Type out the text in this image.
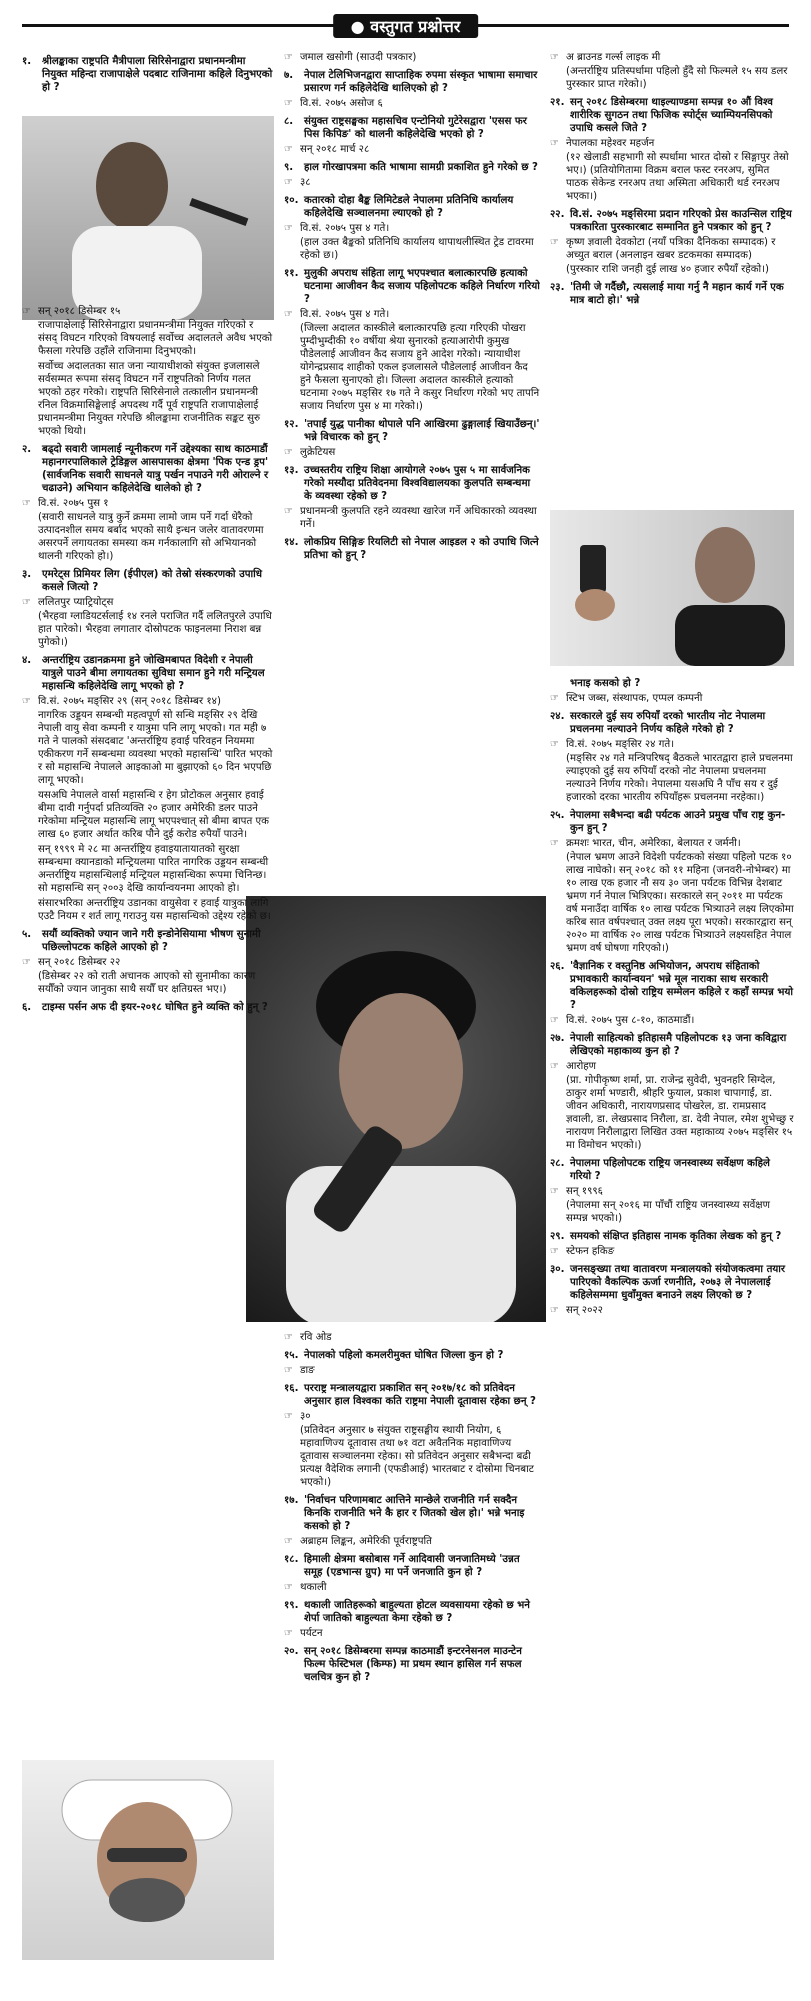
● वस्तुगत प्रश्नोत्तर
१.	श्रीलङ्काका राष्ट्रपति मैत्रीपाला सिरिसेनाद्वारा प्रधानमन्त्रीमा नियुक्त महिन्दा राजापाक्षेले पदबाट राजिनामा कहिले दिनुभएको हो ?
☞ सन् २०१८ डिसेम्बर १५
राजापाक्षेलाई सिरिसेनाद्वारा प्रधानमन्त्रीमा नियुक्त गरिएको र संसद् विघटन गरिएको विषयलाई सर्वोच्च अदालतले अवैध भएको फैसला गरेपछि उहाँले राजिनामा दिनुभएको।
सर्वोच्च अदालतका सात जना न्यायाधीशको संयुक्त इजलासले सर्वसम्मत रूपमा संसद् विघटन गर्ने राष्ट्रपतिको निर्णय गलत भएको ठहर गरेको। राष्ट्रपति सिरिसेनाले तत्कालीन प्रधानमन्त्री रनिल विक्रमासिङ्घेलाई अपदस्थ गर्दै पूर्व राष्ट्रपति राजापाक्षेलाई प्रधानमन्त्रीमा नियुक्त गरेपछि श्रीलङ्कामा राजनीतिक सङ्कट सुरु भएको थियो।
२.	बढ्दो सवारी जामलाई न्यूनीकरण गर्ने उद्देश्यका साथ काठमाडौं महानगरपालिकाले ट्रेडिङ्गल आसपासका क्षेत्रमा 'पिक एन्ड ड्रप' (सार्वजनिक सवारी साधनले यात्रु पर्खन नपाउने गरी ओराल्ने र चढाउने) अभियान कहिलेदेखि थालेको हो ?
☞ वि.सं. २०७५ पुस १
(सवारी साधनले यात्रु कुर्ने क्रममा लामो जाम पर्ने गर्दा धेरैको उत्पादनशील समय बर्बाद भएको साथै इन्धन जलेर वातावरणमा असरपर्ने लगायतका समस्या कम गर्नकालागि सो अभियानको थालनी गरिएको हो।)
३.	एमरेट्स प्रिमियर लिग (ईपीएल) को तेस्रो संस्करणको उपाधि कसले जित्यो ?
☞ ललितपुर प्याट्रियोट्स
(भैरहवा ग्लाडियटर्सलाई १४ रनले पराजित गर्दै ललितपुरले उपाधि हात पारेको। भैरहवा लगातार दोस्रोपटक फाइनलमा निराश बन्न पुगेको।)
४.	अन्तर्राष्ट्रिय उडानक्रममा हुने जोखिमबापत विदेशी र नेपाली यात्रुले पाउने बीमा लगायतका सुविधा समान हुने गरी मन्ट्रियल महासन्धि कहिलेदेखि लागू भएको हो ?
☞ वि.सं. २०७५ मङ्सिर २९ (सन् २०१८ डिसेम्बर १४)
नागरिक उड्डयन सम्बन्धी महत्वपूर्ण सो सन्धि मङ्सिर २९ देखि नेपाली वायु सेवा कम्पनी र यात्रुमा पनि लागू भएको। गत मही ७ गते ने पालको संसदबाट 'अन्तर्राष्ट्रिय हवाई परिवहन नियममा एकीकरण गर्ने सम्बन्धमा व्यवस्था भएको महासन्धि' पारित भएको र सो महासन्धि नेपालले आइकाओ मा बुझाएको ६० दिन भएपछि लागू भएको।
यसअघि नेपालले वार्सा महासन्धि र हेग प्रोटोकल अनुसार हवाई बीमा दावी गर्नुपर्दा प्रतिव्यक्ति २० हजार अमेरिकी डलर पाउने गरेकोमा मन्ट्रियल महासन्धि लागू भएपश्चात् सो बीमा बापत एक लाख ६० हजार अर्थात करिब पौने दुई करोड रुपैयाँ पाउने।
सन् १९९९ मे २८ मा अन्तर्राष्ट्रिय हवाइयातायातको सुरक्षा सम्बन्धमा क्यानडाको मन्ट्रियलमा पारित नागरिक उड्डयन सम्बन्धी अन्तर्राष्ट्रिय महासन्धिलाई मन्ट्रियल महासन्धिका रूपमा चिनिन्छ। सो महासन्धि सन् २००३ देखि कार्यान्वयनमा आएको हो।
संसारभरिका अन्तर्राष्ट्रिय उडानका वायुसेवा र हवाई यात्रुका लागि एउटै नियम र शर्त लागू गराउनु यस महासन्धिको उद्देश्य रहेको छ।
५.	सयौं व्यक्तिको ज्यान जाने गरी इन्डोनेसियामा भीषण सुनामी पछिल्लोपटक कहिले आएको हो ?
☞ सन् २०१८ डिसेम्बर २२
(डिसेम्बर २२ को राती अचानक आएको सो सुनामीका कारण सयौँको ज्यान जानुका साथै सयौँ घर क्षतिग्रस्त भए।)
६.	टाइम्स पर्सन अफ दी इयर-२०१८ घोषित हुने व्यक्ति को हुन् ?
☞ जमाल खसोगी (साउदी पत्रकार)
७.	नेपाल टेलिभिजनद्वारा साप्ताहिक रुपमा संस्कृत भाषामा समाचार प्रसारण गर्न कहिलेदेखि थालिएको हो ?
☞ वि.सं. २०७५ असोज ६
८.	संयुक्त राष्ट्रसङ्घका महासचिव एन्टोनियो गुटेरेसद्वारा 'एसस फर पिस किपिङ' को थालनी कहिलेदेखि भएको हो ?
☞ सन् २०१८ मार्च २८
९.	हाल गोरखापत्रमा कति भाषामा सामग्री प्रकाशित हुने गरेको छ ?
☞ ३८
१०. कतारको दोहा बैङ्क लिमिटेडले नेपालमा प्रतिनिधि कार्यालय कहिलेदेखि सञ्चालनमा ल्याएको हो ?
☞ वि.सं. २०७५ पुस ४ गते।
(हाल उक्त बैङ्कको प्रतिनिधि कार्यालय थापाथलीस्थित ट्रेड टावरमा रहेको छ।)
११. मुलुकी अपराध संहिता लागू भएपश्चात बलात्कारपछि हत्याको घटनामा आजीवन कैद सजाय पहिलोपटक कहिले निर्धारण गरियो ?
☞ वि.सं. २०७५ पुस ४ गते।
(जिल्ला अदालत कास्कीले बलात्कारपछि हत्या गरिएकी पोखरा पुम्दीभुम्दीकी १० वर्षीया श्रेया सुनारको हत्याआरोपी कुमुख पौडेललाई आजीवन कैद सजाय हुने आदेश गरेको। न्यायाधीश योगेन्द्रप्रसाद शाहीको एकल इजलासले पौडेललाई आजीवन कैद हुने फैसला सुनाएको हो। जिल्ला अदालत कास्कीले हत्याको घटनामा २०७५ मङ्सिर १७ गते ने कसुर निर्धारण गरेको भए तापनि सजाय निर्धारण पुस ४ मा गरेको।)
१२. 'तपाईं युद्ध पानीका थोपाले पनि आखिरमा ढुङ्गालाई खियाउँछन्।' भन्ने विचारक को हुन् ?
☞ लुक्रेटियस
१३. उच्चस्तरीय राष्ट्रिय शिक्षा आयोगले २०७५ पुस ५ मा सार्वजनिक गरेको मस्यौदा प्रतिवेदनमा विश्वविद्यालयका कुलपति सम्बन्धमा के व्यवस्था रहेको छ ?
☞ प्रधानमन्त्री कुलपति रहने व्यवस्था खारेज गर्ने अधिकारको व्यवस्था गर्ने।
१४. लोकप्रिय सिङ्गिङ रियलिटी सो नेपाल आइडल २ को उपाधि जित्ने प्रतिभा को हुन् ?
☞ अ ब्राउनड गर्ल्स लाइक मी
(अन्तर्राष्ट्रिय प्रतिस्पर्धामा पहिलो हुँदै सो फिल्मले १५ सय डलर पुरस्कार प्राप्त गरेको।)
२१. सन् २०१८ डिसेम्बरमा थाइल्याण्डमा सम्पन्न १० औं विश्व शारीरिक सुगठन तथा फिजिक स्पोर्ट्स च्याम्पियनसिपको उपाधि कसले जिते ?
☞ नेपालका महेश्वर महर्जन
(१२ खेलाडी सहभागी सो स्पर्धामा भारत दोस्रो र सिङ्गापुर तेस्रो भए।) (प्रतियोगितामा विक्रम बराल फस्ट रनरअप, सुमित पाठक सेकेन्ड रनरअप तथा अस्मिता अधिकारी थर्ड रनरअप भएका।)
२२. वि.सं. २०७५ मङ्सिरमा प्रदान गरिएको प्रेस काउन्सिल राष्ट्रिय पत्रकारिता पुरस्कारबाट सम्मानित हुने पत्रकार को हुन् ?
☞ कृष्ण ज्ञवाली देवकोटा (नयाँ पत्रिका दैनिकका सम्पादक) र अच्युत बराल (अनलाइन खबर डटकमका सम्पादक)
(पुरस्कार राशि जनही दुई लाख ४० हजार रुपैयाँ रहेको।)
२३. 'तिमी जे गर्दैछौ, त्यसलाई माया गर्नु नै महान कार्य गर्ने एक मात्र बाटो हो।' भन्ने
☞ रवि ओड
१५. नेपालको पहिलो कमलरीमुक्त घोषित जिल्ला कुन हो ?
☞ डाङ
१६. परराष्ट्र मन्त्रालयद्वारा प्रकाशित सन् २०१७/१८ को प्रतिवेदन अनुसार हाल विश्वका कति राष्ट्रमा नेपाली दूतावास रहेका छन् ?
☞ ३०
(प्रतिवेदन अनुसार ७ संयुक्त राष्ट्रसङ्घीय स्थायी नियोग, ६ महावाणिज्य दूतावास तथा ७१ वटा अवैतनिक महावाणिज्य दूतावास सञ्चालनमा रहेका। सो प्रतिवेदन अनुसार सबैभन्दा बढी प्रत्यक्ष वैदेशिक लगानी (एफडीआई) भारतबाट र दोस्रोमा चिनबाट भएको।)
१७. 'निर्वाचन परिणामबाट आत्तिने मान्छेले राजनीति गर्न सक्दैन किनकि राजनीति भने कै हार र जितको खेल हो।' भन्ने भनाइ कसको हो ?
☞ अब्राहम लिङ्कन, अमेरिकी पूर्वराष्ट्रपति
१८. हिमाली क्षेत्रमा बसोबास गर्ने आदिवासी जनजातिमध्ये 'उन्नत समूह (एडभान्स ग्रुप) मा पर्ने जनजाति कुन हो ?
☞ थकाली
१९. थकाली जातिहरूको बाहुल्यता होटल व्यवसायमा रहेको छ भने शेर्पा जातिको बाहुल्यता केमा रहेको छ ?
☞ पर्यटन
२०. सन् २०१८ डिसेम्बरमा सम्पन्न काठमाडौं इन्टरनेसनल माउन्टेन फिल्म फेस्टिभल (किम्फ) मा प्रथम स्थान हासिल गर्न सफल चलचित्र कुन हो ?
भनाइ कसको हो ?
☞ स्टिभ जब्स, संस्थापक, एप्पल कम्पनी
२४. सरकारले दुई सय रुपियाँ दरको भारतीय नोट नेपालमा प्रचलनमा नल्याउने निर्णय कहिले गरेको हो ?
☞ वि.सं. २०७५ मङ्सिर २४ गते।
(मङ्सिर २४ गते मन्त्रिपरिषद् बैठकले भारतद्वारा हाले प्रचलनमा ल्याइएको दुई सय रुपियाँ दरको नोट नेपालमा प्रचलनमा नल्याउने निर्णय गरेको। नेपालमा यसअघि नै पाँच सय र दुई हजारको दरका भारतीय रुपियाँहरू प्रचलनमा नरहेका।)
२५. नेपालमा सबैभन्दा बढी पर्यटक आउने प्रमुख पाँच राष्ट्र कुन-कुन हुन् ?
☞ क्रमशः भारत, चीन, अमेरिका, बेलायत र जर्मनी।
(नेपाल भ्रमण आउने विदेशी पर्यटकको संख्या पहिलो पटक १० लाख नाघेको। सन् २०१८ को ११ महिना (जनवरी-नोभेम्बर) मा १० लाख एक हजार नौ सय ३० जना पर्यटक विभिन्न देशबाट भ्रमण गर्न नेपाल भित्रिएका। सरकारले सन् २०११ मा पर्यटक वर्ष मनाउँदा वार्षिक १० लाख पर्यटक भित्र्याउने लक्ष्य लिएकोमा करिब सात वर्षपश्चात् उक्त लक्ष्य पूरा भएको। सरकारद्वारा सन् २०२० मा वार्षिक २० लाख पर्यटक भित्र्याउने लक्ष्यसहित नेपाल भ्रमण वर्ष घोषणा गरिएको।)
२६. 'वैज्ञानिक र वस्तुनिष्ठ अभियोजन, अपराध संहिताको प्रभावकारी कार्यान्वयन' भन्ने मूल नाराका साथ सरकारी वकिलहरूको दोस्रो राष्ट्रिय सम्मेलन कहिले र कहाँ सम्पन्न भयो ?
☞ वि.सं. २०७५ पुस ८-१०, काठमाडौं।
२७. नेपाली साहित्यको इतिहासमै पहिलोपटक १३ जना कविद्वारा लेखिएको महाकाव्य कुन हो ?
☞ आरोहण
(प्रा. गोपीकृष्ण शर्मा, प्रा. राजेन्द्र सुवेदी, भुवनहरि सिग्देल, ठाकुर शर्मा भण्डारी, श्रीहरि फुयाल, प्रकाश चापागाईं, डा. जीवन अधिकारी, नारायणप्रसाद पोखरेल, डा. रामप्रसाद ज्ञवाली, डा. लेखप्रसाद निरौला, डा. देवी नेपाल, रमेश शुभेच्छु र नारायण निरौलाद्वारा लिखित उक्त महाकाव्य २०७५ मङ्सिर १५ मा विमोचन भएको।)
२८. नेपालमा पहिलोपटक राष्ट्रिय जनस्वास्थ्य सर्वेक्षण कहिले गरियो ?
☞ सन् १९९६
(नेपालमा सन् २०१६ मा पाँचौं राष्ट्रिय जनस्वास्थ्य सर्वेक्षण सम्पन्न भएको।)
२९. समयको संक्षिप्त इतिहास नामक कृतिका लेखक को हुन् ?
☞ स्टेफन हकिङ
३०. जनसङ्ख्या तथा वातावरण मन्त्रालयको संयोजकत्वमा तयार पारिएको वैकल्पिक ऊर्जा रणनीति, २०७३ ले नेपाललाई कहिलेसम्ममा धुवाँमुक्त बनाउने लक्ष्य लिएको छ ?
☞ सन् २०२२
